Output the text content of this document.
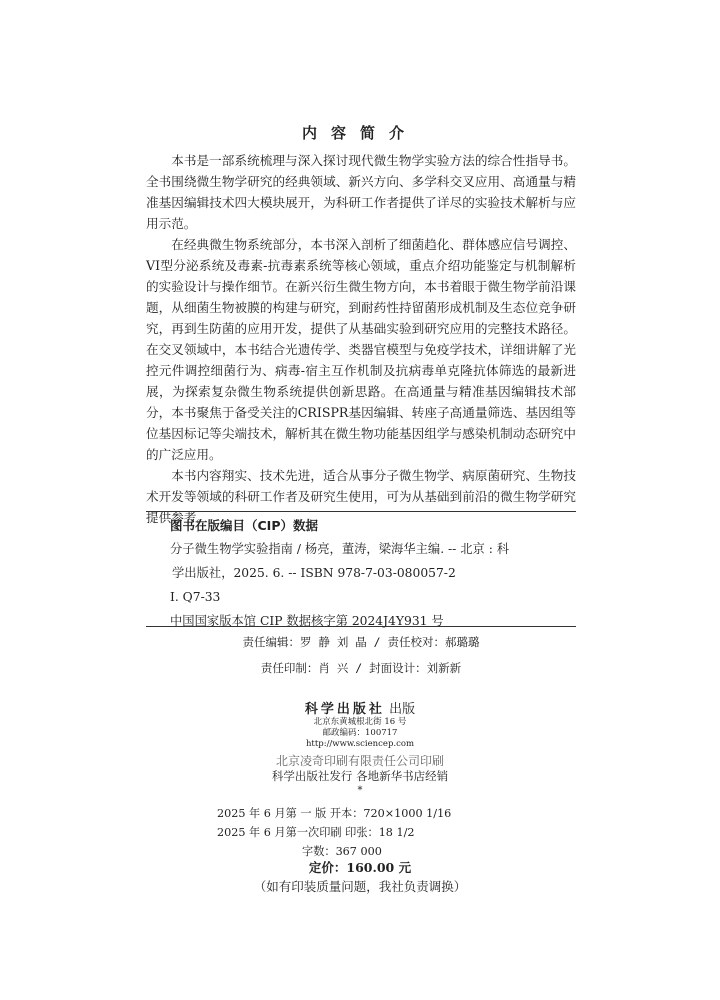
内容简介

本书是一部系统梳理与深入探讨现代微生物学实验方法的综合性指导书。全书围绕微生物学研究的经典领域、新兴方向、多学科交叉应用、高通量与精准基因编辑技术四大模块展开，为科研工作者提供了详尽的实验技术解析与应用示范。

在经典微生物系统部分，本书深入剖析了细菌趋化、群体感应信号调控、VI型分泌系统及毒素-抗毒素系统等核心领域，重点介绍功能鉴定与机制解析的实验设计与操作细节。在新兴衍生微生物方向，本书着眼于微生物学前沿课题，从细菌生物被膜的构建与研究，到耐药性持留菌形成机制及生态位竞争研究，再到生防菌的应用开发，提供了从基础实验到研究应用的完整技术路径。在交叉领域中，本书结合光遗传学、类器官模型与免疫学技术，详细讲解了光控元件调控细菌行为、病毒-宿主互作机制及抗病毒单克隆抗体筛选的最新进展，为探索复杂微生物系统提供创新思路。在高通量与精准基因编辑技术部分，本书聚焦于备受关注的CRISPR基因编辑、转座子高通量筛选、基因组等位基因标记等尖端技术，解析其在微生物功能基因组学与感染机制动态研究中的广泛应用。

本书内容翔实、技术先进，适合从事分子微生物学、病原菌研究、生物技术开发等领域的科研工作者及研究生使用，可为从基础到前沿的微生物学研究提供参考。

图书在版编目（CIP）数据
分子微生物学实验指南 / 杨亮，董涛，梁海华主编. -- 北京 : 科
学出版社，2025. 6. -- ISBN 978-7-03-080057-2
Ⅰ. Q7-33
中国国家版本馆 CIP 数据核字第 2024J4Y931 号
责任编辑：罗 静 刘 晶 / 责任校对：郝璐璐
责任印制：肖 兴 / 封面设计：刘新新
科学出版社 出版
北京东黄城根北街 16 号
邮政编码：100717
http://www.sciencep.com
北京凌奇印刷有限责任公司印刷
科学出版社发行 各地新华书店经销
*
2025 年 6 月第 一 版 开本：720×1000 1/16
2025 年 6 月第一次印刷 印张：18 1/2
字数：367 000
定价：160.00 元
（如有印装质量问题，我社负责调换）
